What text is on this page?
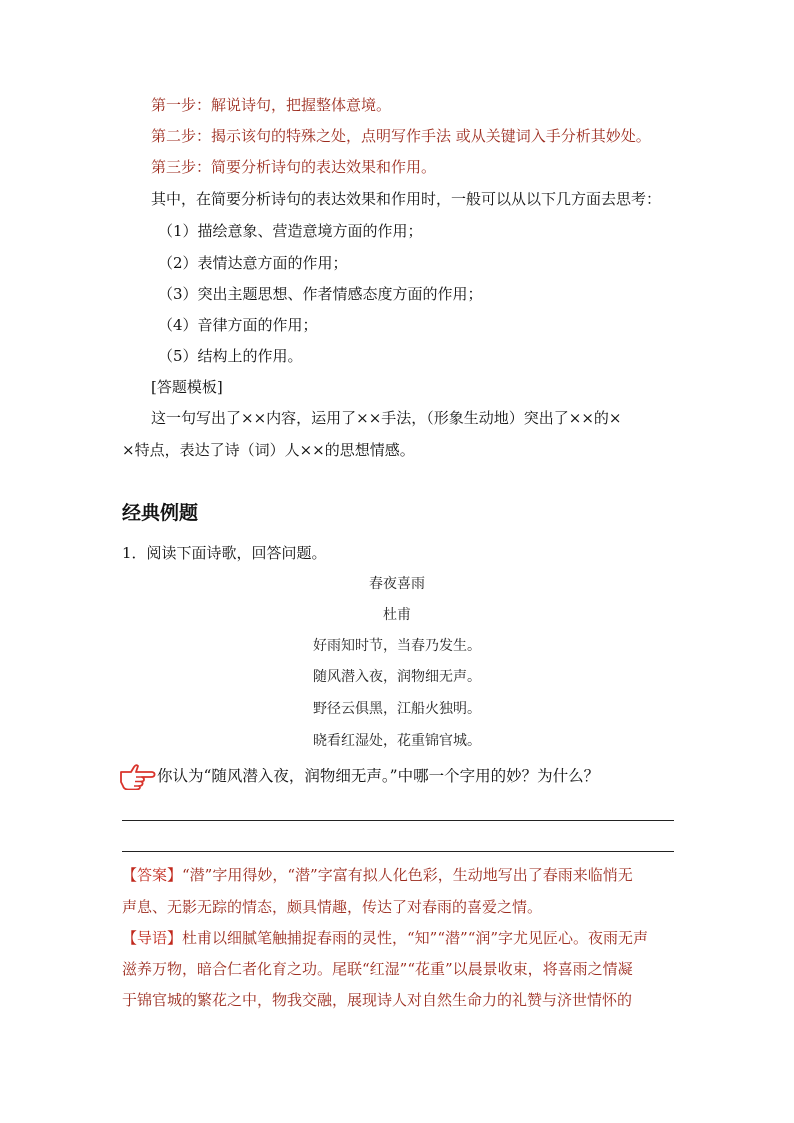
第一步：解说诗句，把握整体意境。
第二步：揭示该句的特殊之处，点明写作手法 或从关键词入手分析其妙处。
第三步：简要分析诗句的表达效果和作用。
其中，在简要分析诗句的表达效果和作用时，一般可以从以下几方面去思考：
（1）描绘意象、营造意境方面的作用；
（2）表情达意方面的作用；
（3）突出主题思想、作者情感态度方面的作用；
（4）音律方面的作用；
（5）结构上的作用。
[答题模板]
这一句写出了××内容，运用了××手法，（形象生动地）突出了××的×
×特点，表达了诗（词）人××的思想情感。
经典例题
1．阅读下面诗歌，回答问题。
春夜喜雨
杜甫
好雨知时节，当春乃发生。
随风潜入夜，润物细无声。
野径云俱黑，江船火独明。
晓看红湿处，花重锦官城。
你认为“随风潜入夜，润物细无声。”中哪一个字用的妙？为什么？
【答案】“潜”字用得妙，“潜”字富有拟人化色彩，生动地写出了春雨来临悄无
声息、无影无踪的情态，颇具情趣，传达了对春雨的喜爱之情。
【导语】杜甫以细腻笔触捕捉春雨的灵性，“知”“潜”“润”字尤见匠心。夜雨无声
滋养万物，暗合仁者化育之功。尾联“红湿”“花重”以晨景收束，将喜雨之情凝
于锦官城的繁花之中，物我交融，展现诗人对自然生命力的礼赞与济世情怀的
